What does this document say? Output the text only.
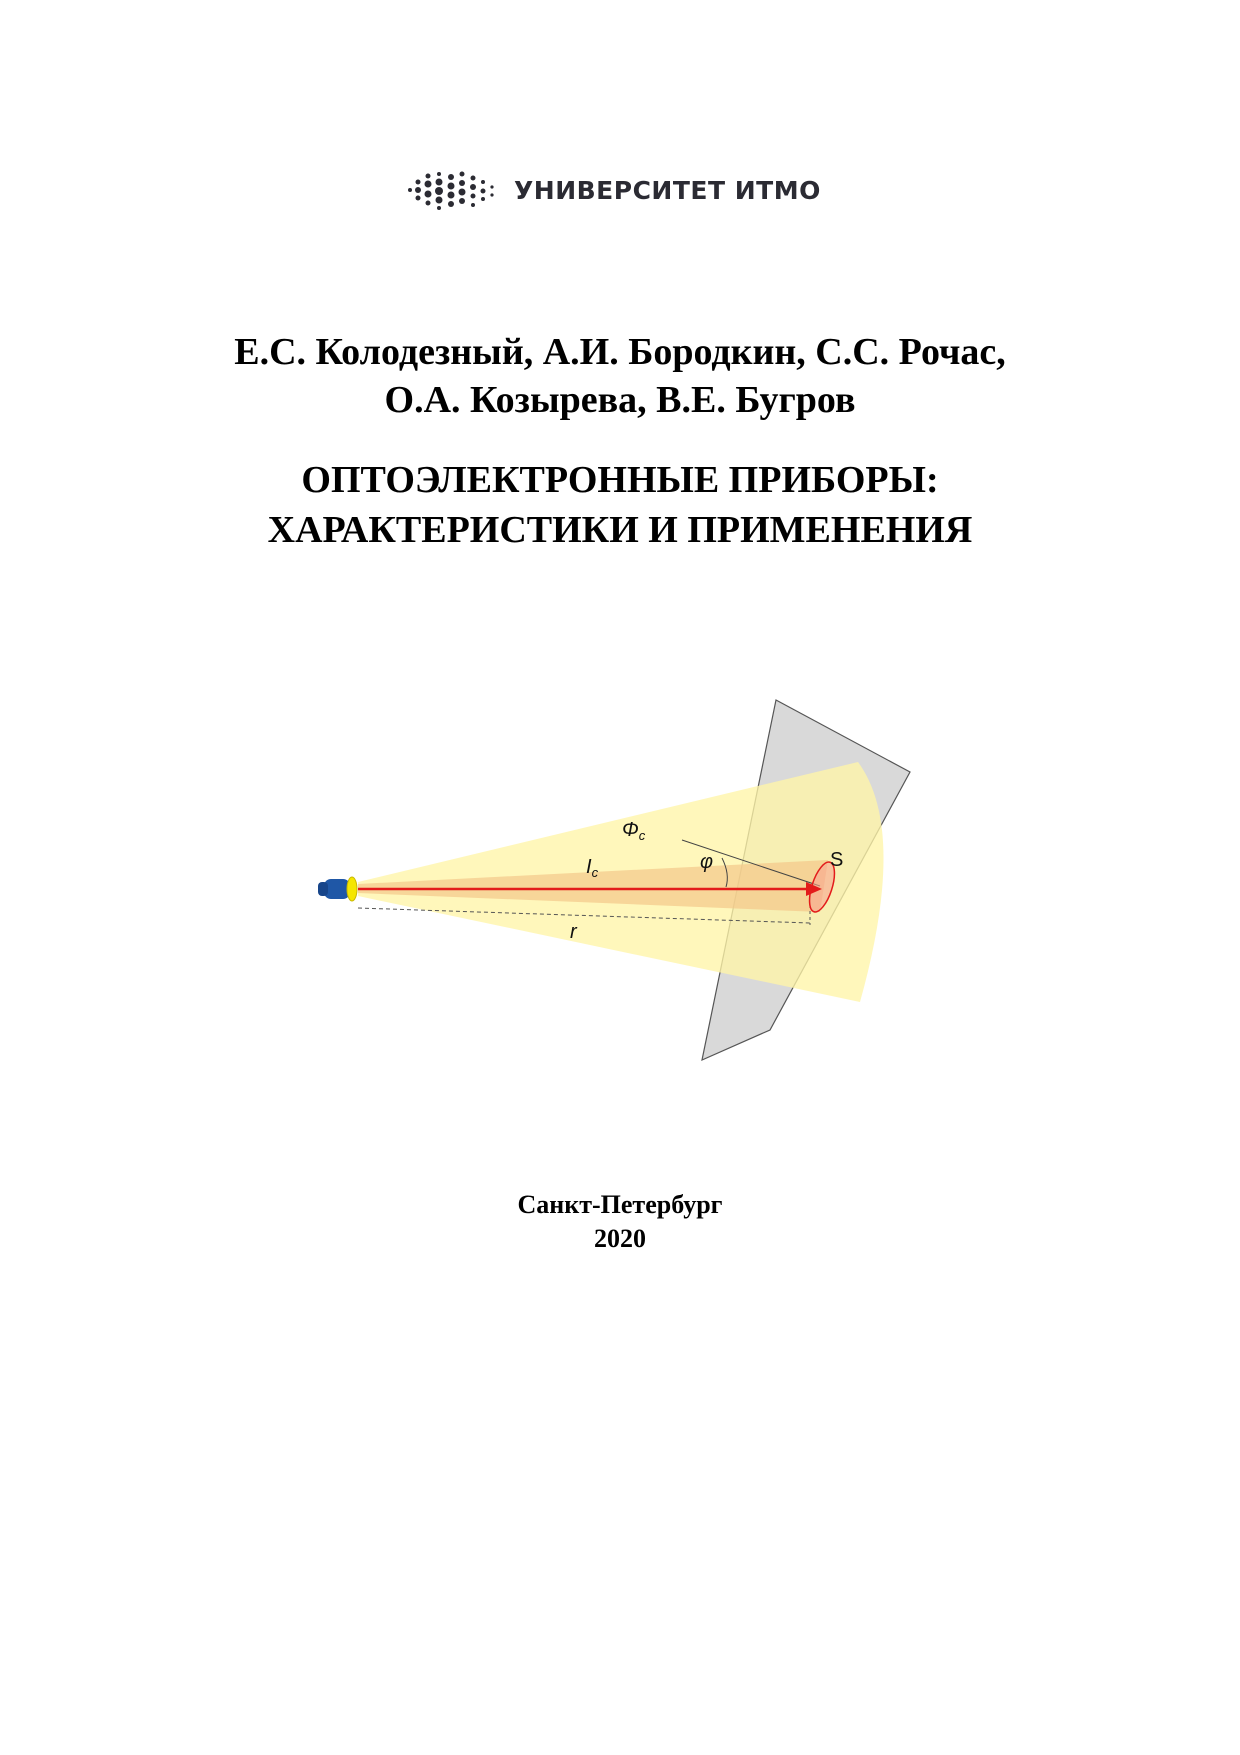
УНИВЕРСИТЕТ ИТМО
Е.С. Колодезный, А.И. Бородкин, С.С. Рочас,
О.А. Козырева, В.Е. Бугров
ОПТОЭЛЕКТРОННЫЕ ПРИБОРЫ:
ХАРАКТЕРИСТИКИ И ПРИМЕНЕНИЯ
$\Phi_c$
$I_c$	φ	S
r
Санкт-Петербург
2020
